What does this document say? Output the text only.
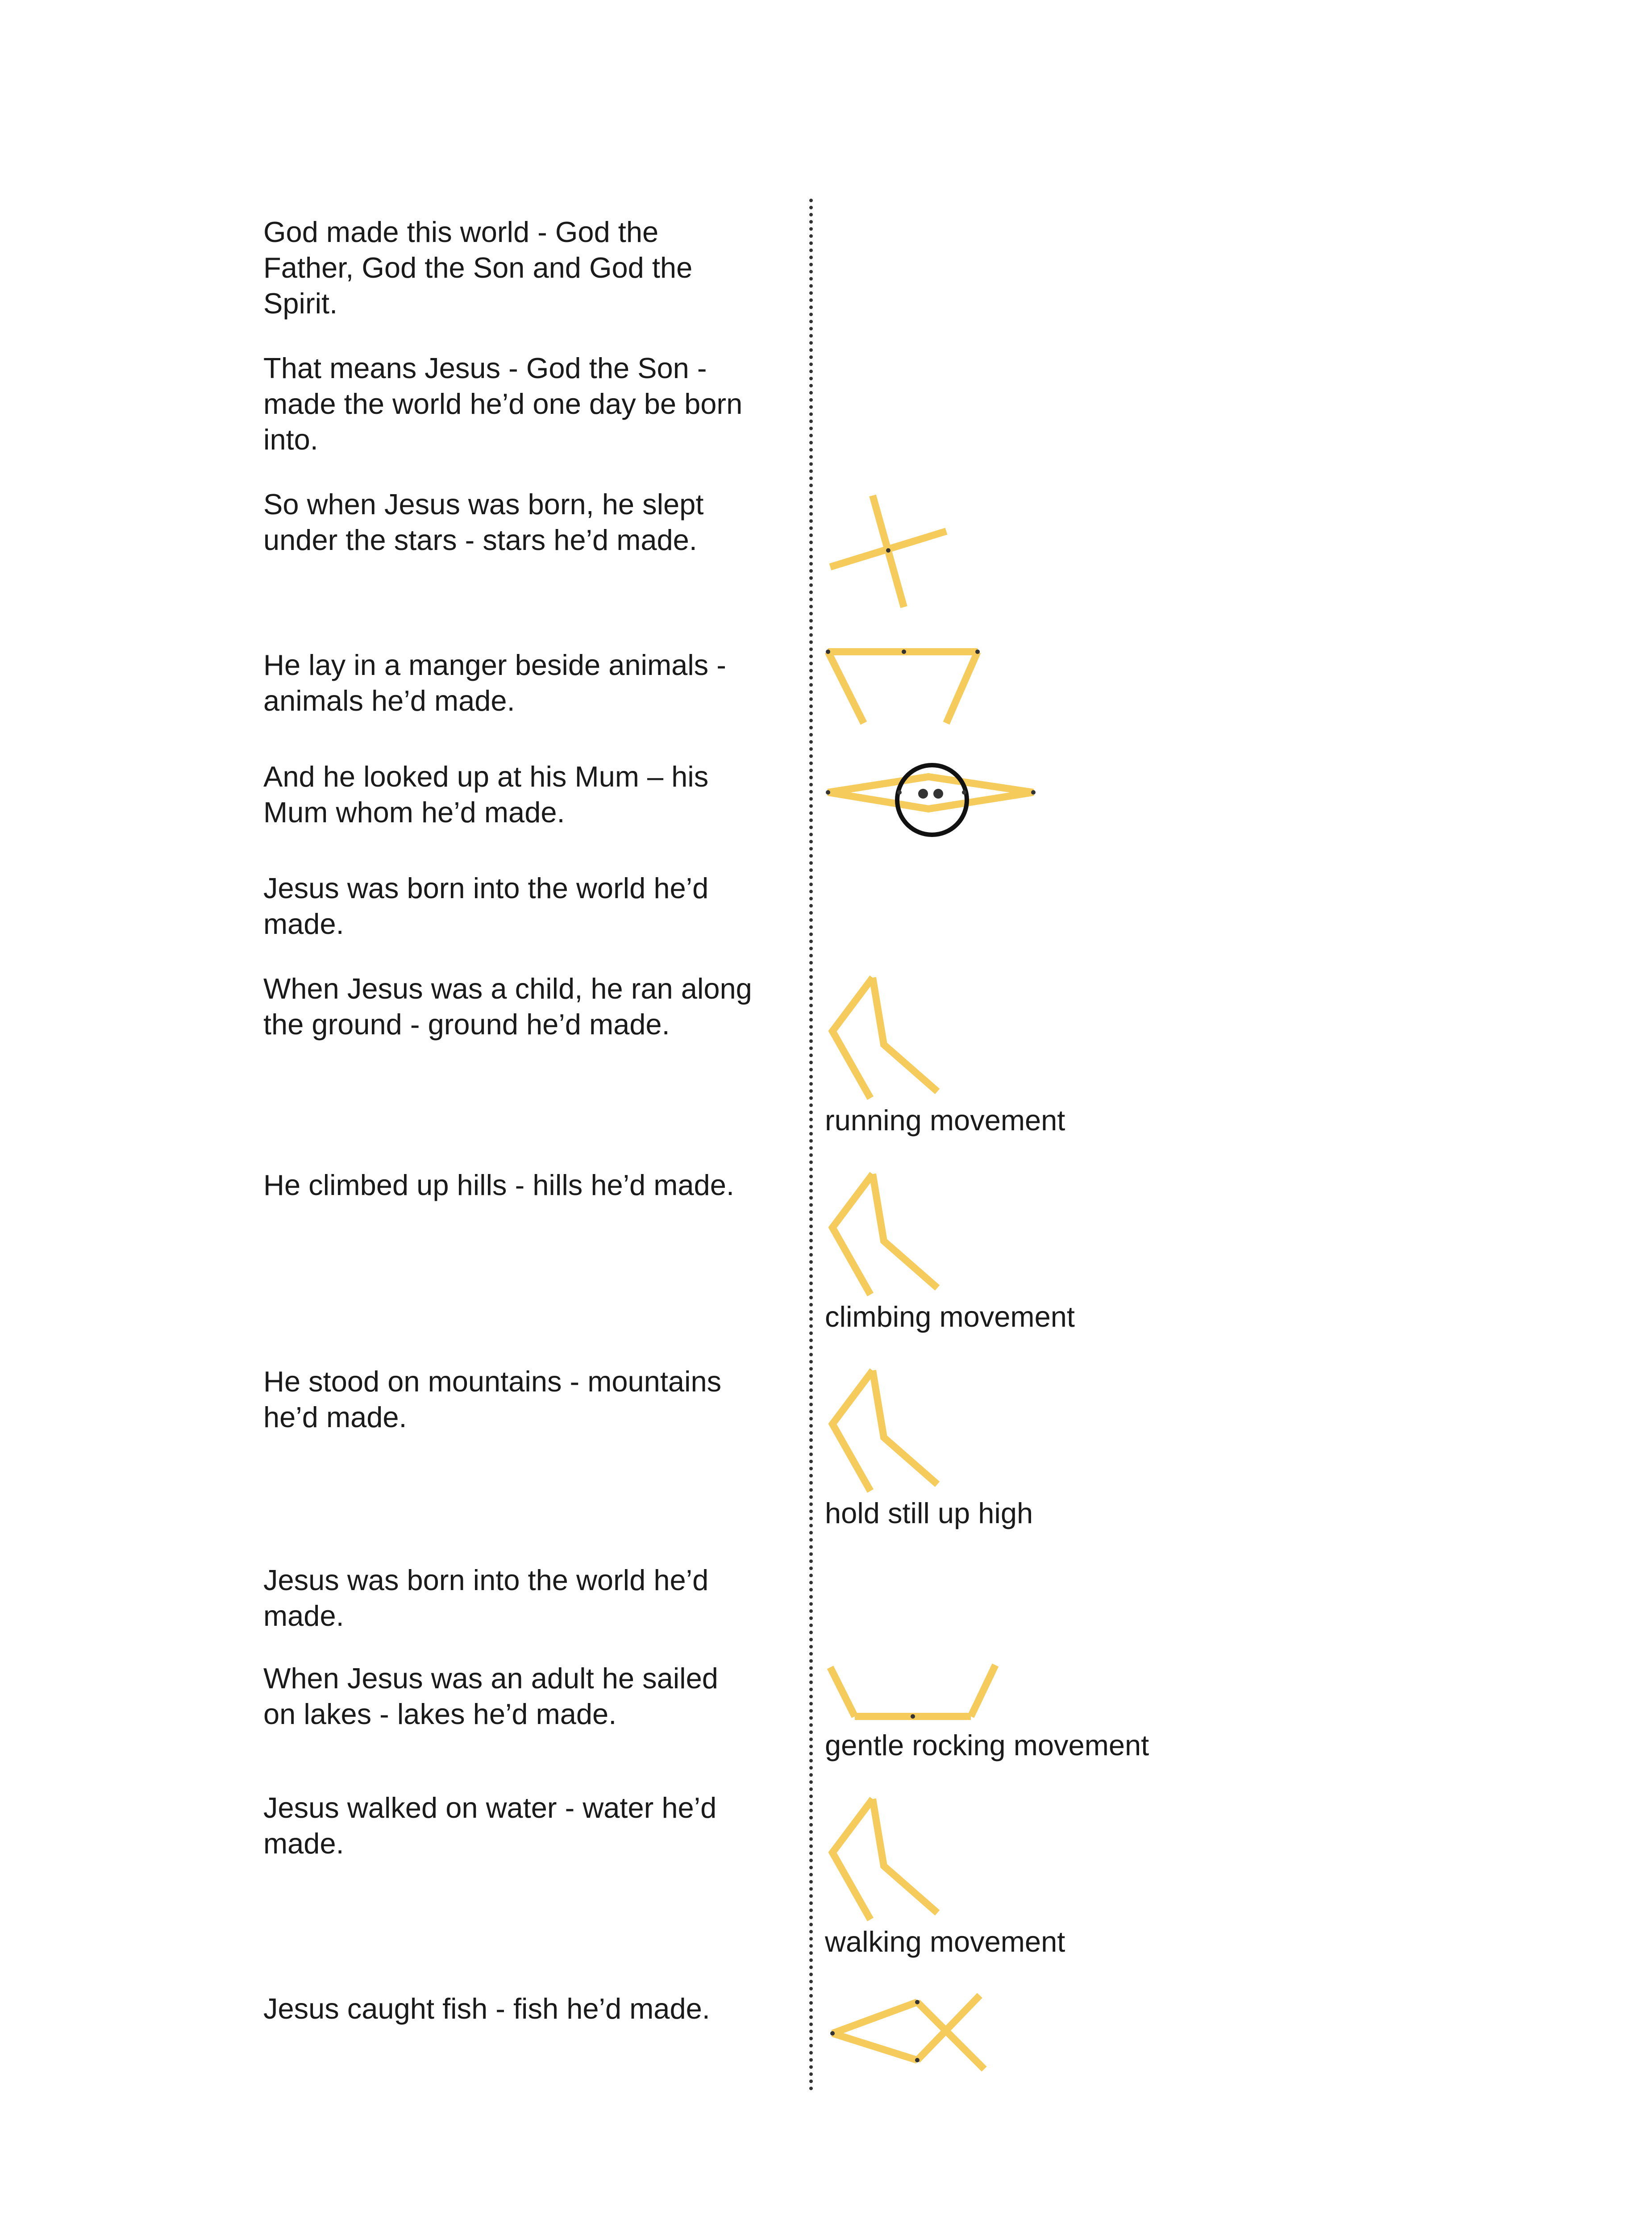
God made this world - God the
Father, God the Son and God the
Spirit.

That means Jesus - God the Son -
made the world he’d one day be born
into.

So when Jesus was born, he slept
under the stars - stars he’d made.

He lay in a manger beside animals -
animals he’d made.

And he looked up at his Mum – his
Mum whom he’d made.

Jesus was born into the world he’d
made.

When Jesus was a child, he ran along
the ground - ground he’d made.

He climbed up hills - hills he’d made.

He stood on mountains - mountains
he’d made.

Jesus was born into the world he’d
made.

When Jesus was an adult he sailed
on lakes - lakes he’d made.

Jesus walked on water - water he’d
made.

Jesus caught fish - fish he’d made.

running movement

climbing movement

hold still up high

gentle rocking movement

walking movement
